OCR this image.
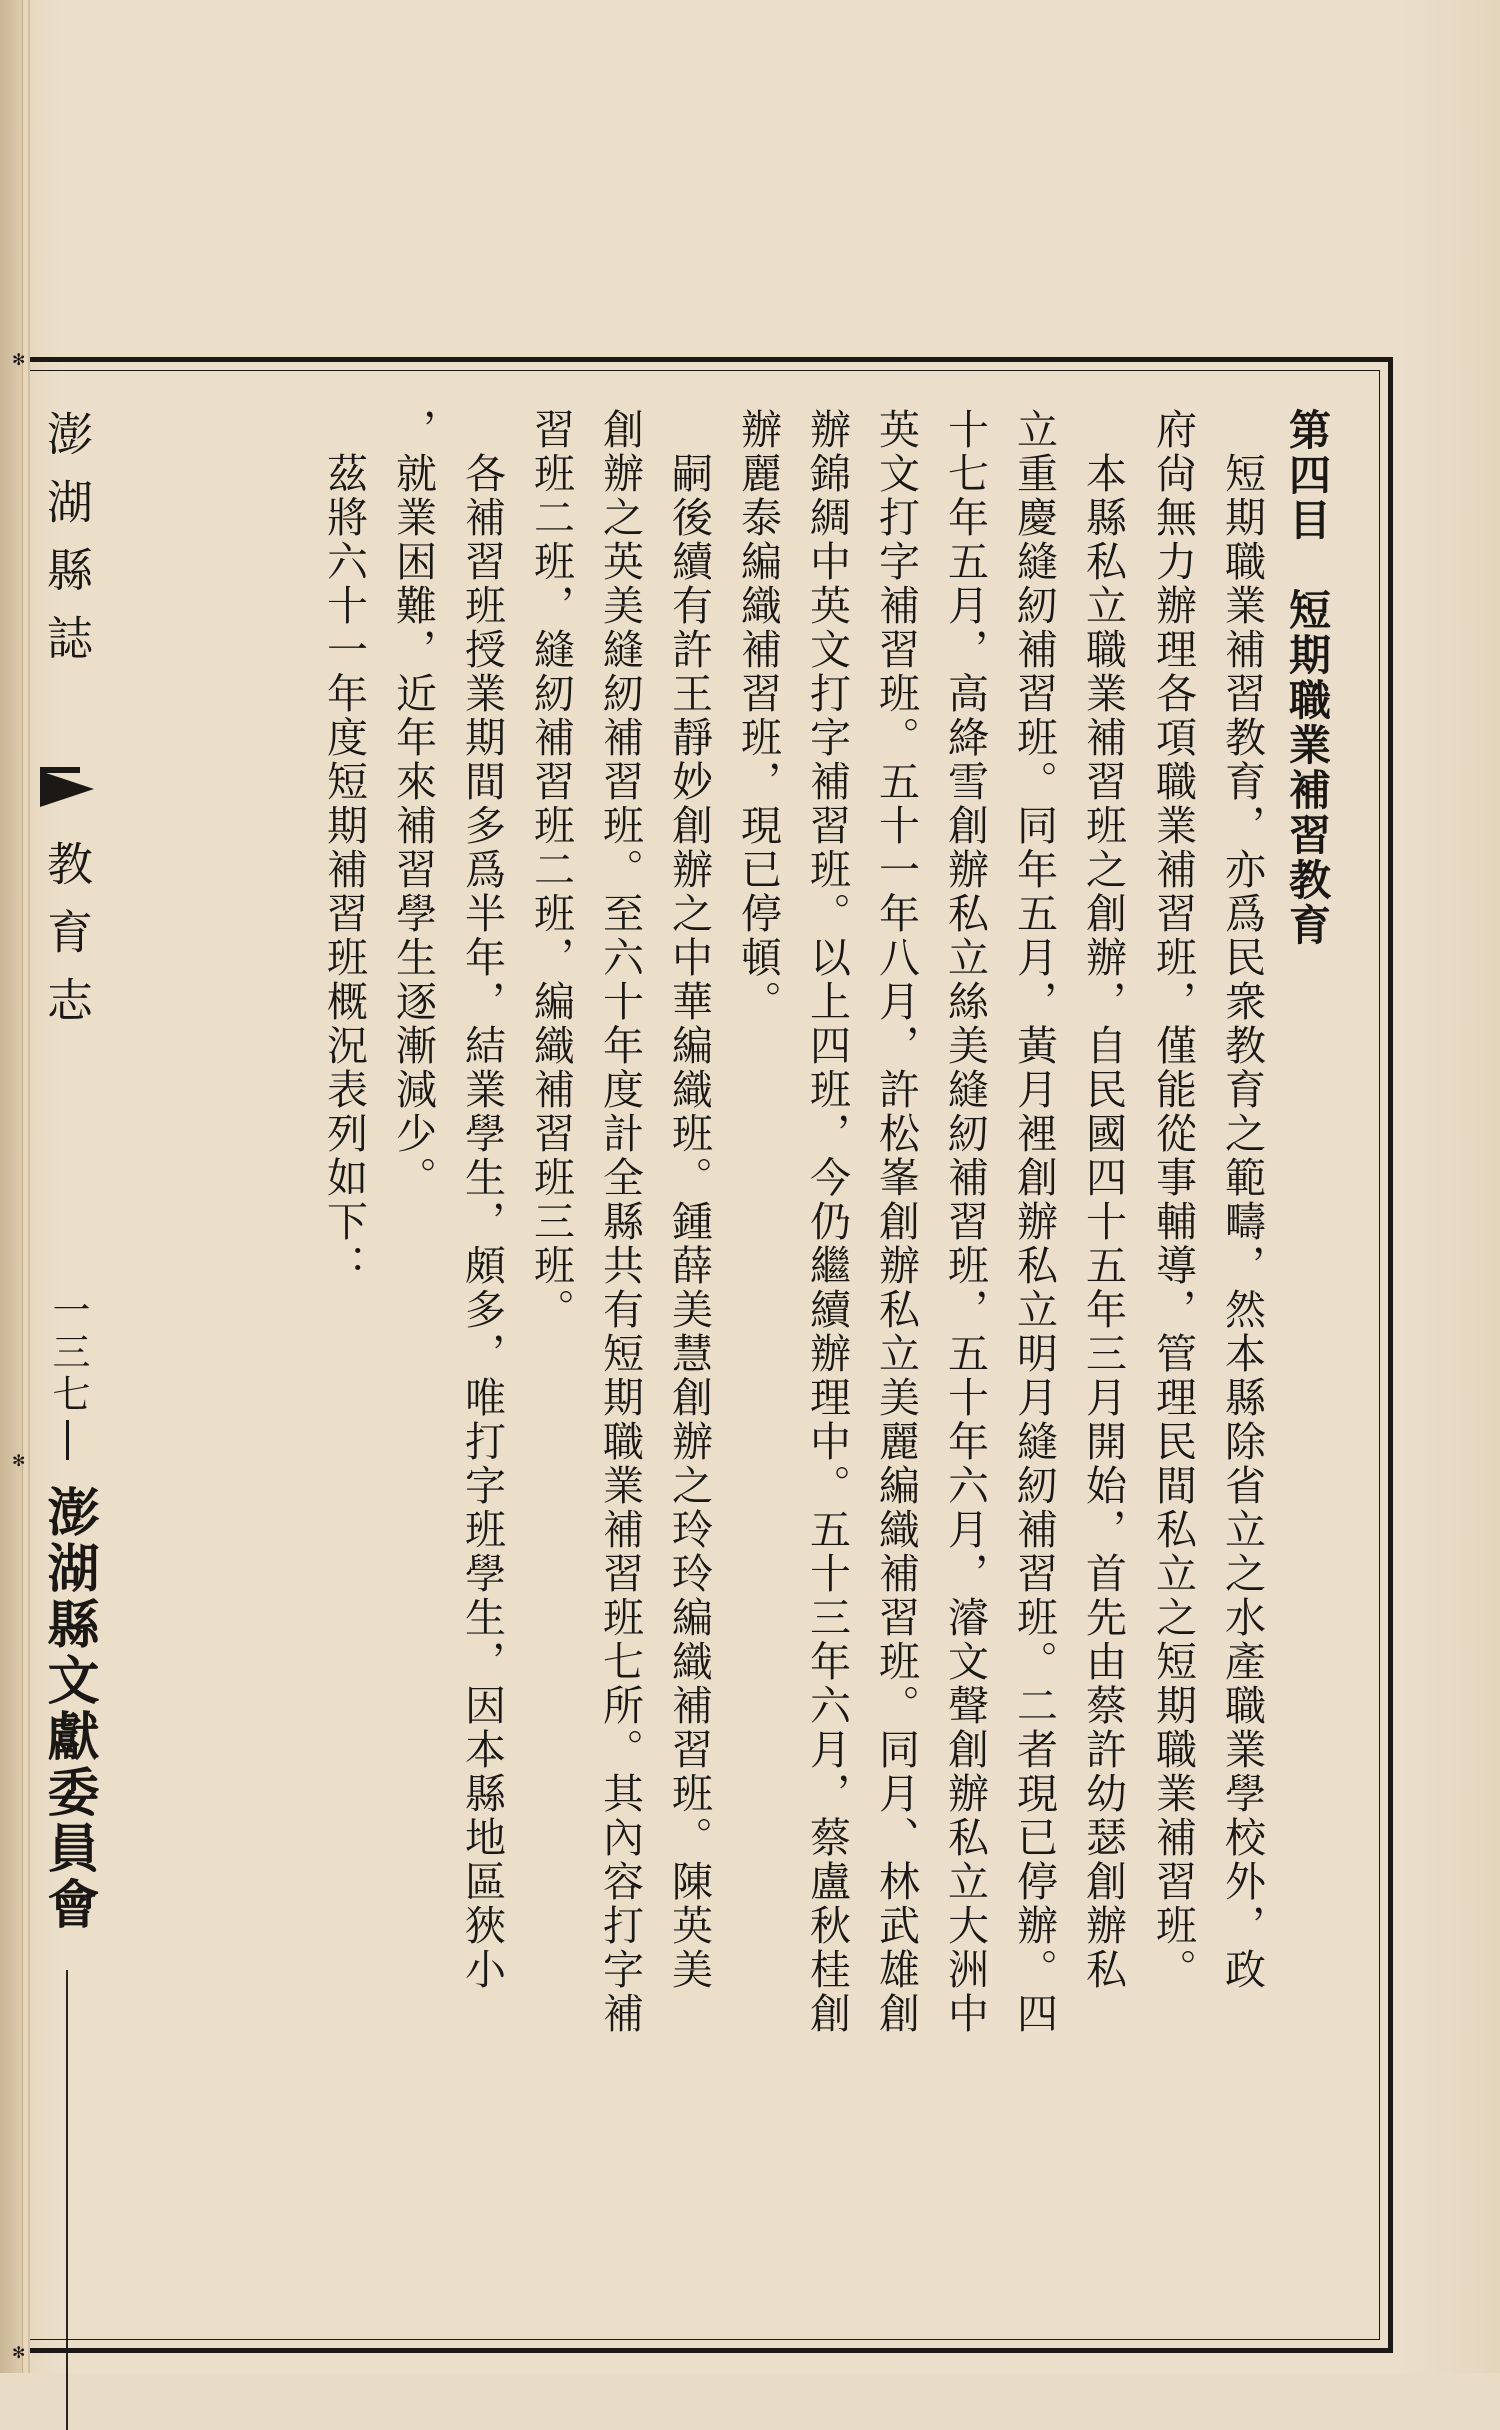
澎湖縣誌
教育志
一三七
澎湖縣文獻委員會
第四目　短期職業補習教育
　短期職業補習教育，亦爲民衆教育之範疇，然本縣除省立之水產職業學校外，政
府尙無力辦理各項職業補習班，僅能從事輔導，管理民間私立之短期職業補習班。
　本縣私立職業補習班之創辦，自民國四十五年三月開始，首先由蔡許幼瑟創辦私
立重慶縫紉補習班。同年五月，黃月裡創辦私立明月縫紉補習班。二者現已停辦。四
十七年五月，高絳雪創辦私立絲美縫紉補習班，五十年六月，濬文聲創辦私立大洲中
英文打字補習班。五十一年八月，許松峯創辦私立美麗編織補習班。同月、林武雄創
辦錦綢中英文打字補習班。以上四班，今仍繼續辦理中。五十三年六月，蔡盧秋桂創
辦麗泰編織補習班，現已停頓。
　嗣後續有許王靜妙創辦之中華編織班。鍾薛美慧創辦之玲玲編織補習班。陳英美
創辦之英美縫紉補習班。至六十年度計全縣共有短期職業補習班七所。其內容打字補
習班二班，縫紉補習班二班，編織補習班三班。
　各補習班授業期間多爲半年，結業學生，頗多，唯打字班學生，因本縣地區狹小
，就業困難，近年來補習學生逐漸減少。
　茲將六十一年度短期補習班概況表列如下：
✻
✻
✻
